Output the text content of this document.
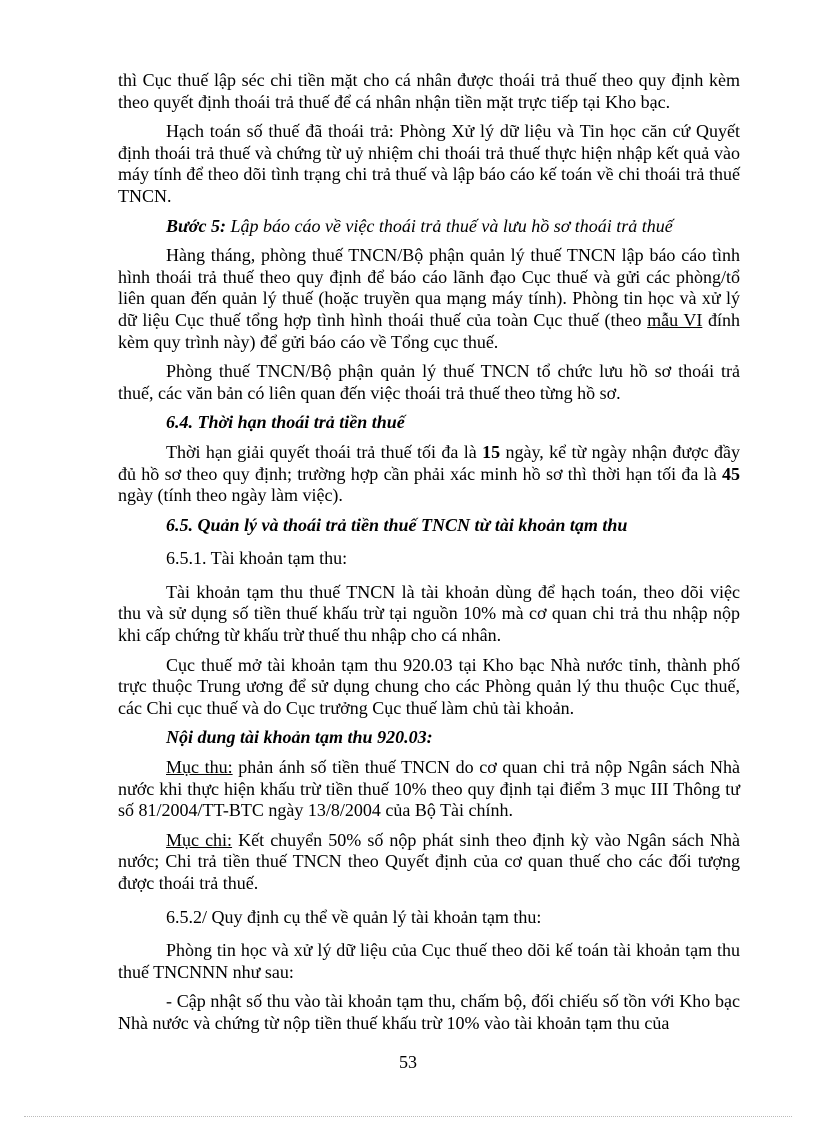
thì Cục thuế lập séc chi tiền mặt cho cá nhân được thoái trả thuế theo quy định kèm theo quyết định thoái trả thuế để cá nhân nhận tiền mặt trực tiếp tại Kho bạc.

Hạch toán số thuế đã thoái trả: Phòng Xử lý dữ liệu và Tin học căn cứ Quyết định thoái trả thuế và chứng từ uỷ nhiệm chi thoái trả thuế thực hiện nhập kết quả vào máy tính để theo dõi tình trạng chi trả thuế và lập báo cáo kế toán về chi thoái trả thuế TNCN.

Bước 5: Lập báo cáo về việc thoái trả thuế và lưu hồ sơ thoái trả thuế

Hàng tháng, phòng thuế TNCN/Bộ phận quản lý thuế TNCN lập báo cáo tình hình thoái trả thuế theo quy định để báo cáo lãnh đạo Cục thuế và gửi các phòng/tổ liên quan đến quản lý thuế (hoặc truyền qua mạng máy tính). Phòng tin học và xử lý dữ liệu Cục thuế tổng hợp tình hình thoái thuế của toàn Cục thuế (theo mẫu VI đính kèm quy trình này) để gửi báo cáo về Tổng cục thuế.

Phòng thuế TNCN/Bộ phận quản lý thuế TNCN tổ chức lưu hồ sơ thoái trả thuế, các văn bản có liên quan đến việc thoái trả thuế theo từng hồ sơ.

6.4. Thời hạn thoái trả tiền thuế

Thời hạn giải quyết thoái trả thuế tối đa là 15 ngày, kể từ ngày nhận được đầy đủ hồ sơ theo quy định; trường hợp cần phải xác minh hồ sơ thì thời hạn tối đa là 45 ngày (tính theo ngày làm việc).

6.5. Quản lý và thoái trả tiền thuế TNCN từ tài khoản tạm thu

6.5.1. Tài khoản tạm thu:

Tài khoản tạm thu thuế TNCN là tài khoản dùng để hạch toán, theo dõi việc thu và sử dụng số tiền thuế khấu trừ tại nguồn 10% mà cơ quan chi trả thu nhập nộp khi cấp chứng từ khấu trừ thuế thu nhập cho cá nhân.

Cục thuế mở tài khoản tạm thu 920.03 tại Kho bạc Nhà nước tỉnh, thành phố trực thuộc Trung ương để sử dụng chung cho các Phòng quản lý thu thuộc Cục thuế, các Chi cục thuế và do Cục trưởng Cục thuế làm chủ tài khoản.

Nội dung tài khoản tạm thu 920.03:

Mục thu: phản ánh số tiền thuế TNCN do cơ quan chi trả nộp Ngân sách Nhà nước khi thực hiện khấu trừ tiền thuế 10% theo quy định tại điểm 3 mục III Thông tư số 81/2004/TT-BTC ngày 13/8/2004 của Bộ Tài chính.

Mục chi: Kết chuyển 50% số nộp phát sinh theo định kỳ vào Ngân sách Nhà nước; Chi trả tiền thuế TNCN theo Quyết định của cơ quan thuế cho các đối tượng được thoái trả thuế.

6.5.2/ Quy định cụ thể về quản lý tài khoản tạm thu:

Phòng tin học và xử lý dữ liệu của Cục thuế theo dõi kế toán tài khoản tạm thu thuế TNCNNN như sau:

- Cập nhật số thu vào tài khoản tạm thu, chấm bộ, đối chiếu số tồn với Kho bạc Nhà nước và chứng từ nộp tiền thuế khấu trừ 10% vào tài khoản tạm thu của

53
